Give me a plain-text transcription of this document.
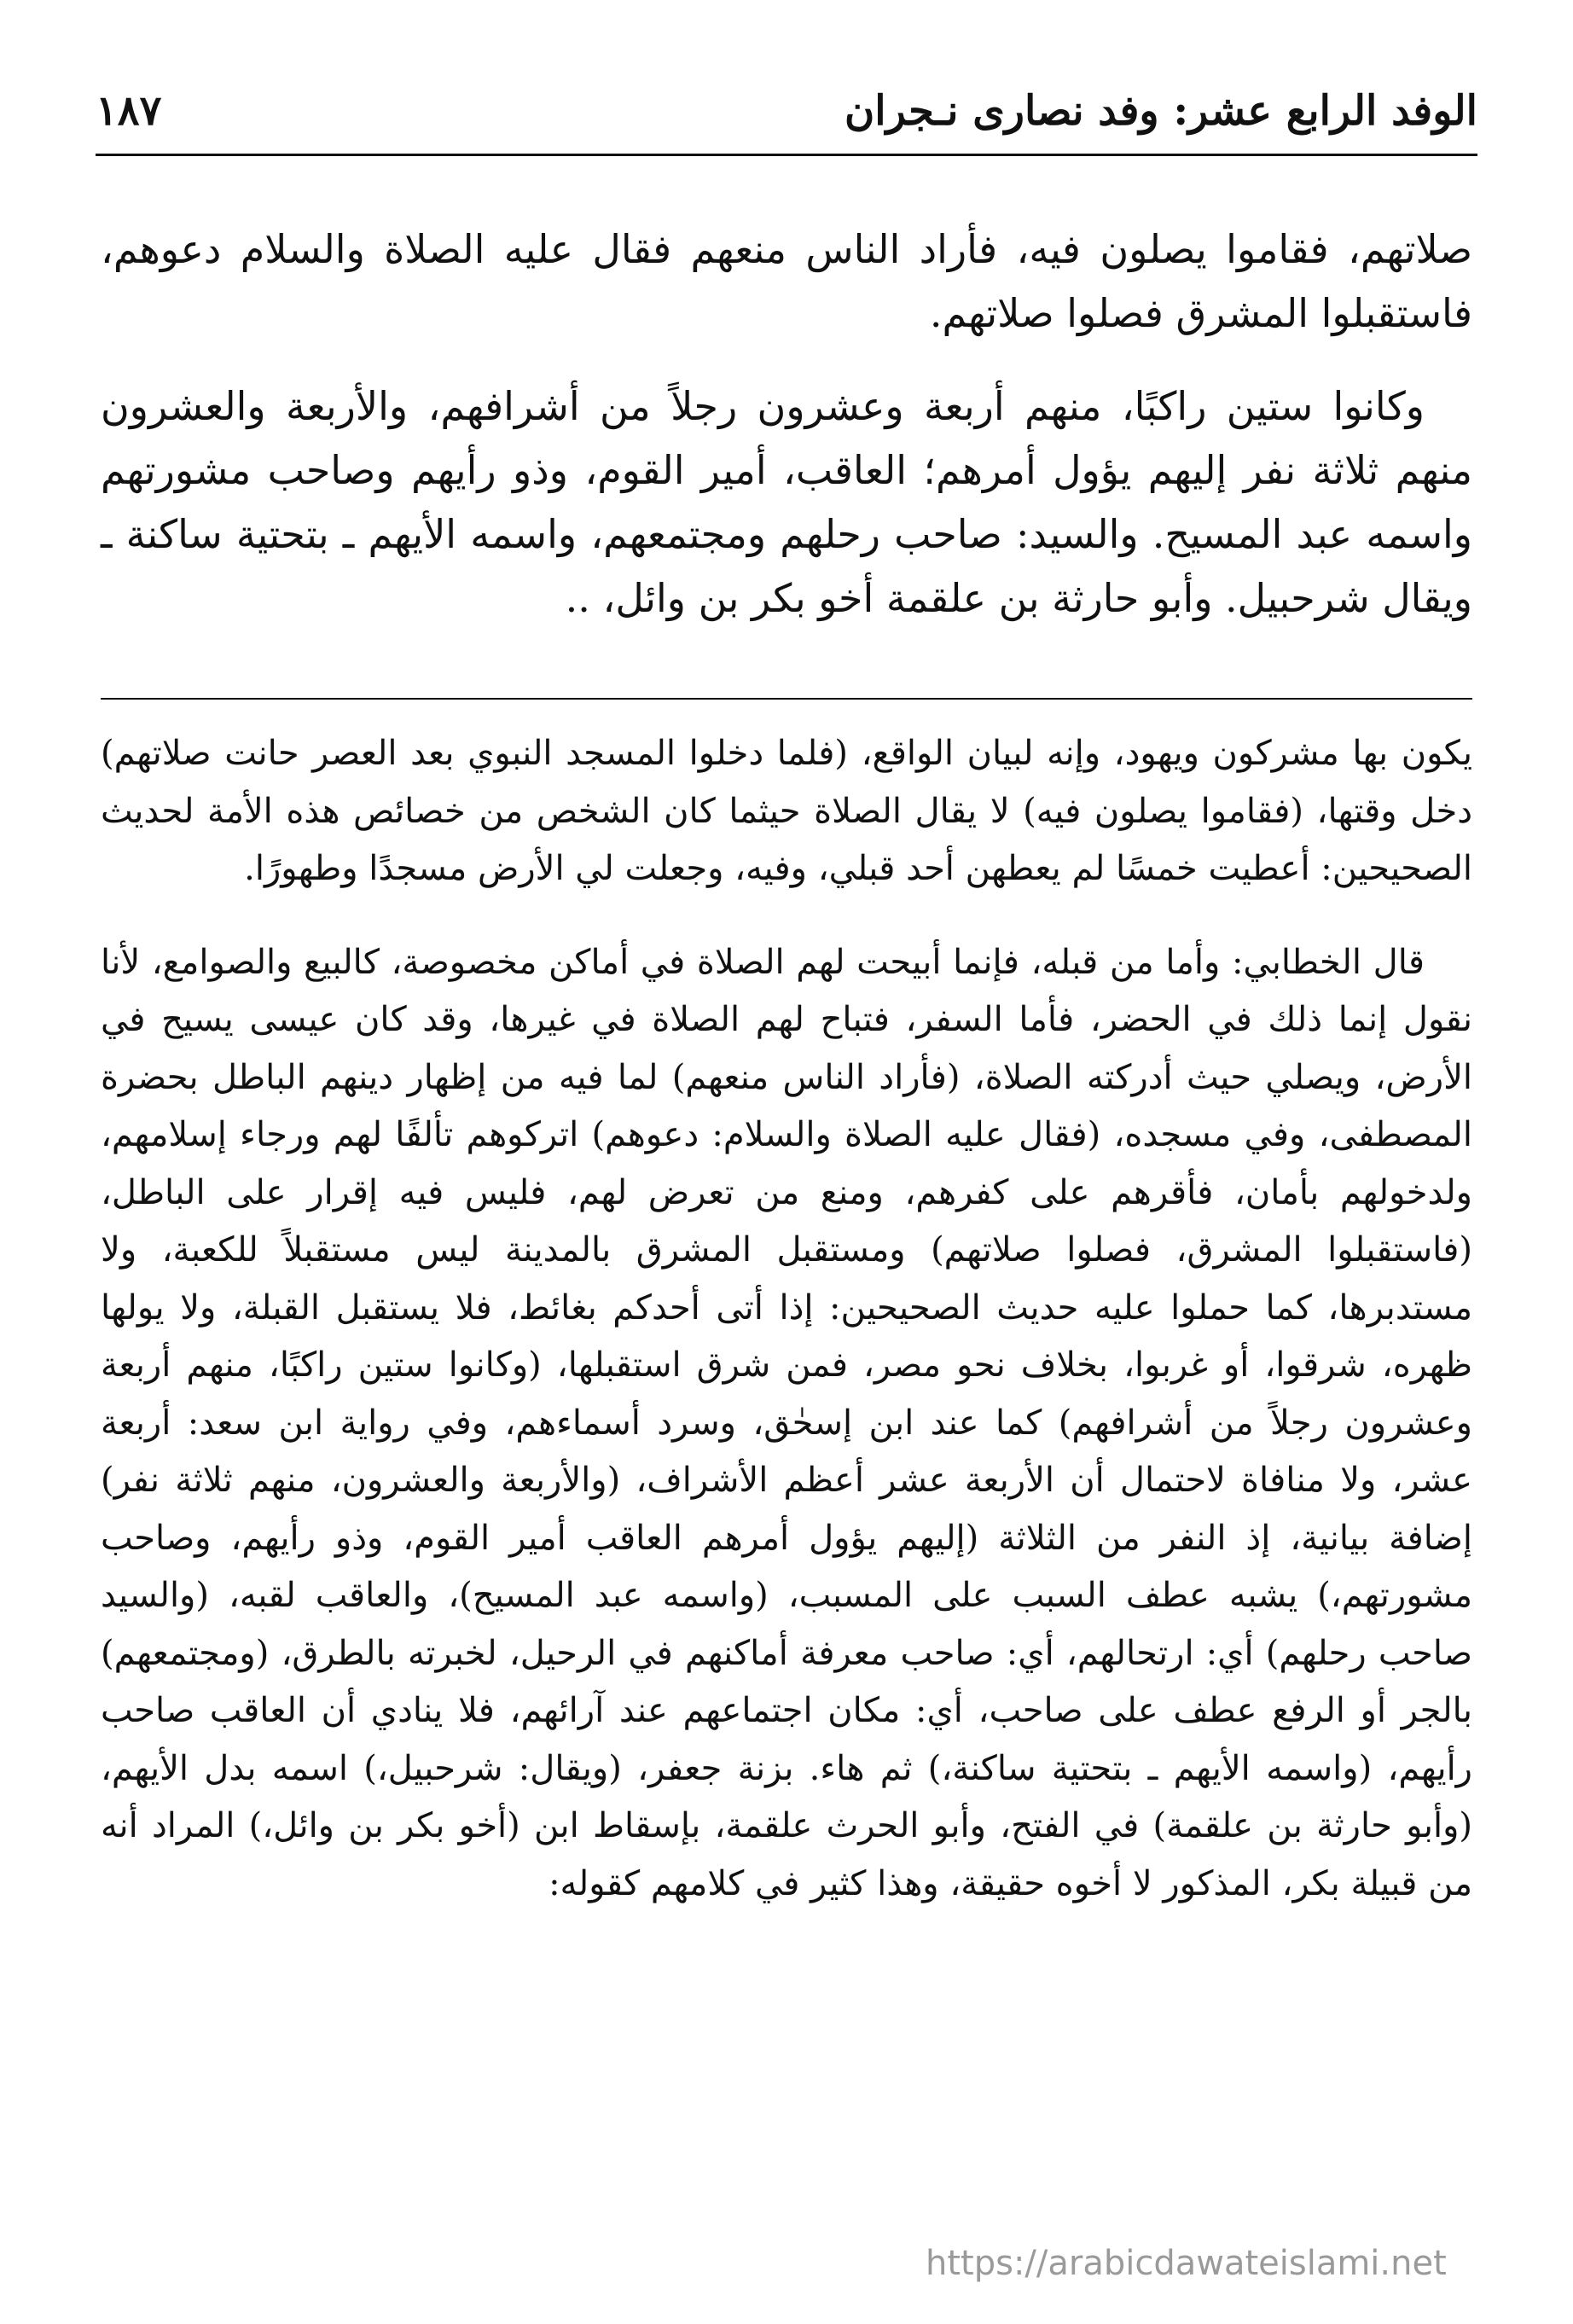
الوفد الرابع عشر: وفد نصارى نـجران
١٨٧

صلاتهم، فقاموا يصلون فيه، فأراد الناس منعهم فقال عليه الصلاة والسلام دعوهم، فاستقبلوا المشرق فصلوا صلاتهم.

وكانوا ستين راكبًا، منهم أربعة وعشرون رجلاً من أشرافهم، والأربعة والعشرون منهم ثلاثة نفر إليهم يؤول أمرهم؛ العاقب، أمير القوم، وذو رأيهم وصاحب مشورتهم واسمه عبد المسيح. والسيد: صاحب رحلهم ومجتمعهم، واسمه الأيهم ـ بتحتية ساكنة ـ ويقال شرحبيل. وأبو حارثة بن علقمة أخو بكر بن وائل، ..

يكون بها مشركون ويهود، وإنه لبيان الواقع، (فلما دخلوا المسجد النبوي بعد العصر حانت صلاتهم) دخل وقتها، (فقاموا يصلون فيه) لا يقال الصلاة حيثما كان الشخص من خصائص هذه الأمة لحديث الصحيحين: أعطيت خمسًا لم يعطهن أحد قبلي، وفيه، وجعلت لي الأرض مسجدًا وطهورًا.

قال الخطابي: وأما من قبله، فإنما أبيحت لهم الصلاة في أماكن مخصوصة، كالبيع والصوامع، لأنا نقول إنما ذلك في الحضر، فأما السفر، فتباح لهم الصلاة في غيرها، وقد كان عيسى يسيح في الأرض، ويصلي حيث أدركته الصلاة، (فأراد الناس منعهم) لما فيه من إظهار دينهم الباطل بحضرة المصطفى، وفي مسجده، (فقال عليه الصلاة والسلام: دعوهم) اتركوهم تألفًا لهم ورجاء إسلامهم، ولدخولهم بأمان، فأقرهم على كفرهم، ومنع من تعرض لهم، فليس فيه إقرار على الباطل، (فاستقبلوا المشرق، فصلوا صلاتهم) ومستقبل المشرق بالمدينة ليس مستقبلاً للكعبة، ولا مستدبرها، كما حملوا عليه حديث الصحيحين: إذا أتى أحدكم بغائط، فلا يستقبل القبلة، ولا يولها ظهره، شرقوا، أو غربوا، بخلاف نحو مصر، فمن شرق استقبلها، (وكانوا ستين راكبًا، منهم أربعة وعشرون رجلاً من أشرافهم) كما عند ابن إسحٰق، وسرد أسماءهم، وفي رواية ابن سعد: أربعة عشر، ولا منافاة لاحتمال أن الأربعة عشر أعظم الأشراف، (والأربعة والعشرون، منهم ثلاثة نفر) إضافة بيانية، إذ النفر من الثلاثة (إليهم يؤول أمرهم العاقب أمير القوم، وذو رأيهم، وصاحب مشورتهم،) يشبه عطف السبب على المسبب، (واسمه عبد المسيح)، والعاقب لقبه، (والسيد صاحب رحلهم) أي: ارتحالهم، أي: صاحب معرفة أماكنهم في الرحيل، لخبرته بالطرق، (ومجتمعهم) بالجر أو الرفع عطف على صاحب، أي: مكان اجتماعهم عند آرائهم، فلا ينادي أن العاقب صاحب رأيهم، (واسمه الأيهم ـ بتحتية ساكنة،) ثم هاء. بزنة جعفر، (ويقال: شرحبيل،) اسمه بدل الأيهم، (وأبو حارثة بن علقمة) في الفتح، وأبو الحرث علقمة، بإسقاط ابن (أخو بكر بن وائل،) المراد أنه من قبيلة بكر، المذكور لا أخوه حقيقة، وهذا كثير في كلامهم كقوله:

https://arabicdawateislami.net
